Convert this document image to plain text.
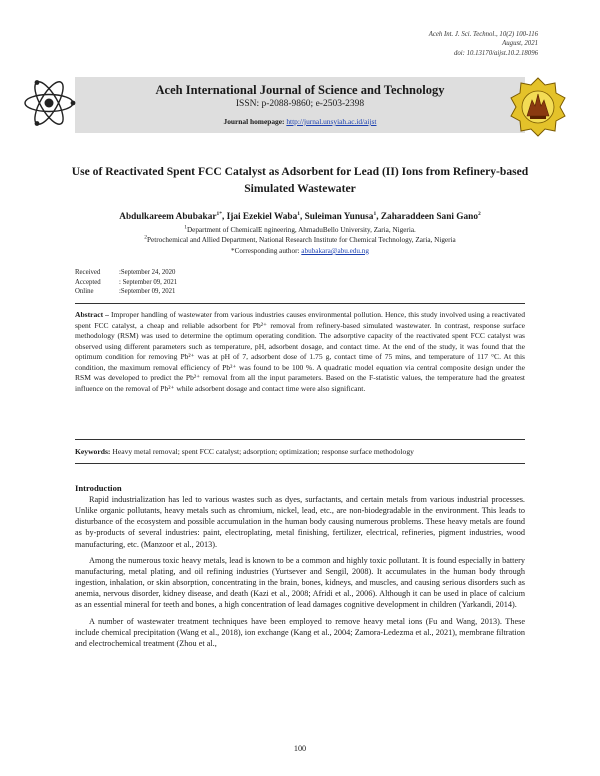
Aceh Int. J. Sci. Technol., 10(2) 100-116
August, 2021
doi: 10.13170/aijst.10.2.18096
Aceh International Journal of Science and Technology
ISSN: p-2088-9860; e-2503-2398
Journal homepage: http://jurnal.unsyiah.ac.id/aijst
Use of Reactivated Spent FCC Catalyst as Adsorbent for Lead (II) Ions from Refinery-based Simulated Wastewater
Abdulkareem Abubakar$^{1*}$, Ijai Ezekiel Waba$^1$, Suleiman Yunusa$^1$, Zaharaddeen Sani Gano$^2$
$^1$Department of ChemicalE ngineering, AhmaduBello University, Zaria, Nigeria.
$^2$Petrochemical and Allied Department, National Research Institute for Chemical Technology, Zaria, Nigeria
*Corresponding author: abubakara@abu.edu.ng
Received	:September 24, 2020
Accepted	: September 09, 2021
Online	:September 09, 2021
Abstract – Improper handling of wastewater from various industries causes environmental pollution. Hence, this study involved using a reactivated spent FCC catalyst, a cheap and reliable adsorbent for Pb²⁺ removal from refinery-based simulated wastewater. In contrast, response surface methodology (RSM) was used to determine the optimum operating condition. The adsorptive capacity of the reactivated spent FCC catalyst was observed using different parameters such as temperature, pH, adsorbent dosage, and contact time. At the end of the study, it was found that the optimum condition for removing Pb²⁺ was at pH of 7, adsorbent dose of 1.75 g, contact time of 75 mins, and temperature of 117 °C. At this condition, the maximum removal efficiency of Pb²⁺ was found to be 100 %. A quadratic model equation via central composite design under the RSM was developed to predict the Pb²⁺ removal from all the input parameters. Based on the F-statistic values, the temperature had the greatest influence on the removal of Pb²⁺ while adsorbent dosage and contact time were also significant.
Keywords: Heavy metal removal; spent FCC catalyst; adsorption; optimization; response surface methodology
Introduction

Rapid industrialization has led to various wastes such as dyes, surfactants, and certain metals from various industrial processes. Unlike organic pollutants, heavy metals such as chromium, nickel, lead, etc., are non-biodegradable in the environment. This leads to disturbance of the ecosystem and possible accumulation in the human body causing numerous problems. These heavy metals are found as by-products of several industries: paint, electroplating, metal finishing, fertilizer, electrical, refineries, pigment industries, wood manufacturing, etc. (Manzoor et al., 2013).

Among the numerous toxic heavy metals, lead is known to be a common and highly toxic pollutant. It is found especially in battery manufacturing, metal plating, and oil refining industries (Yurtsever and Sengil, 2008). It accumulates in the human body through ingestion, inhalation, or skin absorption, concentrating in the brain, bones, kidneys, and muscles, and causing serious disorders such as anemia, nervous disorder, kidney disease, and death (Kazi et al., 2008; Afridi et al., 2006). Although it can be used in place of calcium as an essential mineral for teeth and bones, a high concentration of lead damages cognitive development in children (Yarkandi, 2014).

A number of wastewater treatment techniques have been employed to remove heavy metal ions (Fu and Wang, 2013). These include chemical precipitation (Wang et al., 2018), ion exchange (Kang et al., 2004; Zamora-Ledezma et al., 2021), membrane filtration and electrochemical treatment (Zhou et al.,

100
